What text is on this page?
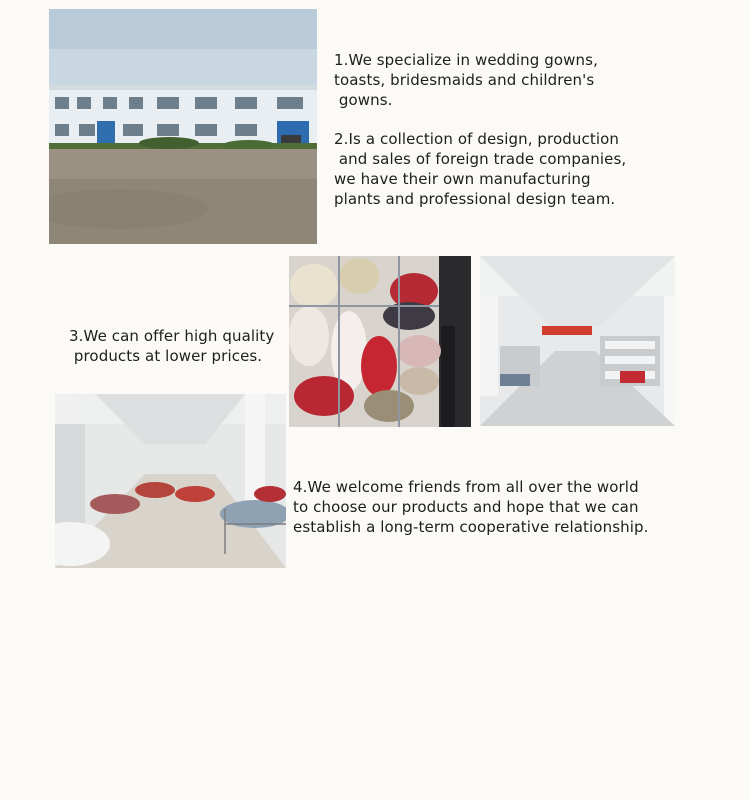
1.We specialize in wedding gowns,
toasts, bridesmaids and children's
gowns.
2.Is a collection of design, production
and sales of foreign trade companies,
we have their own manufacturing
plants and professional design team.
3.We can offer high quality
products at lower prices.
4.We welcome friends from all over the world
to choose our products and hope that we can
establish a long-term cooperative relationship.
